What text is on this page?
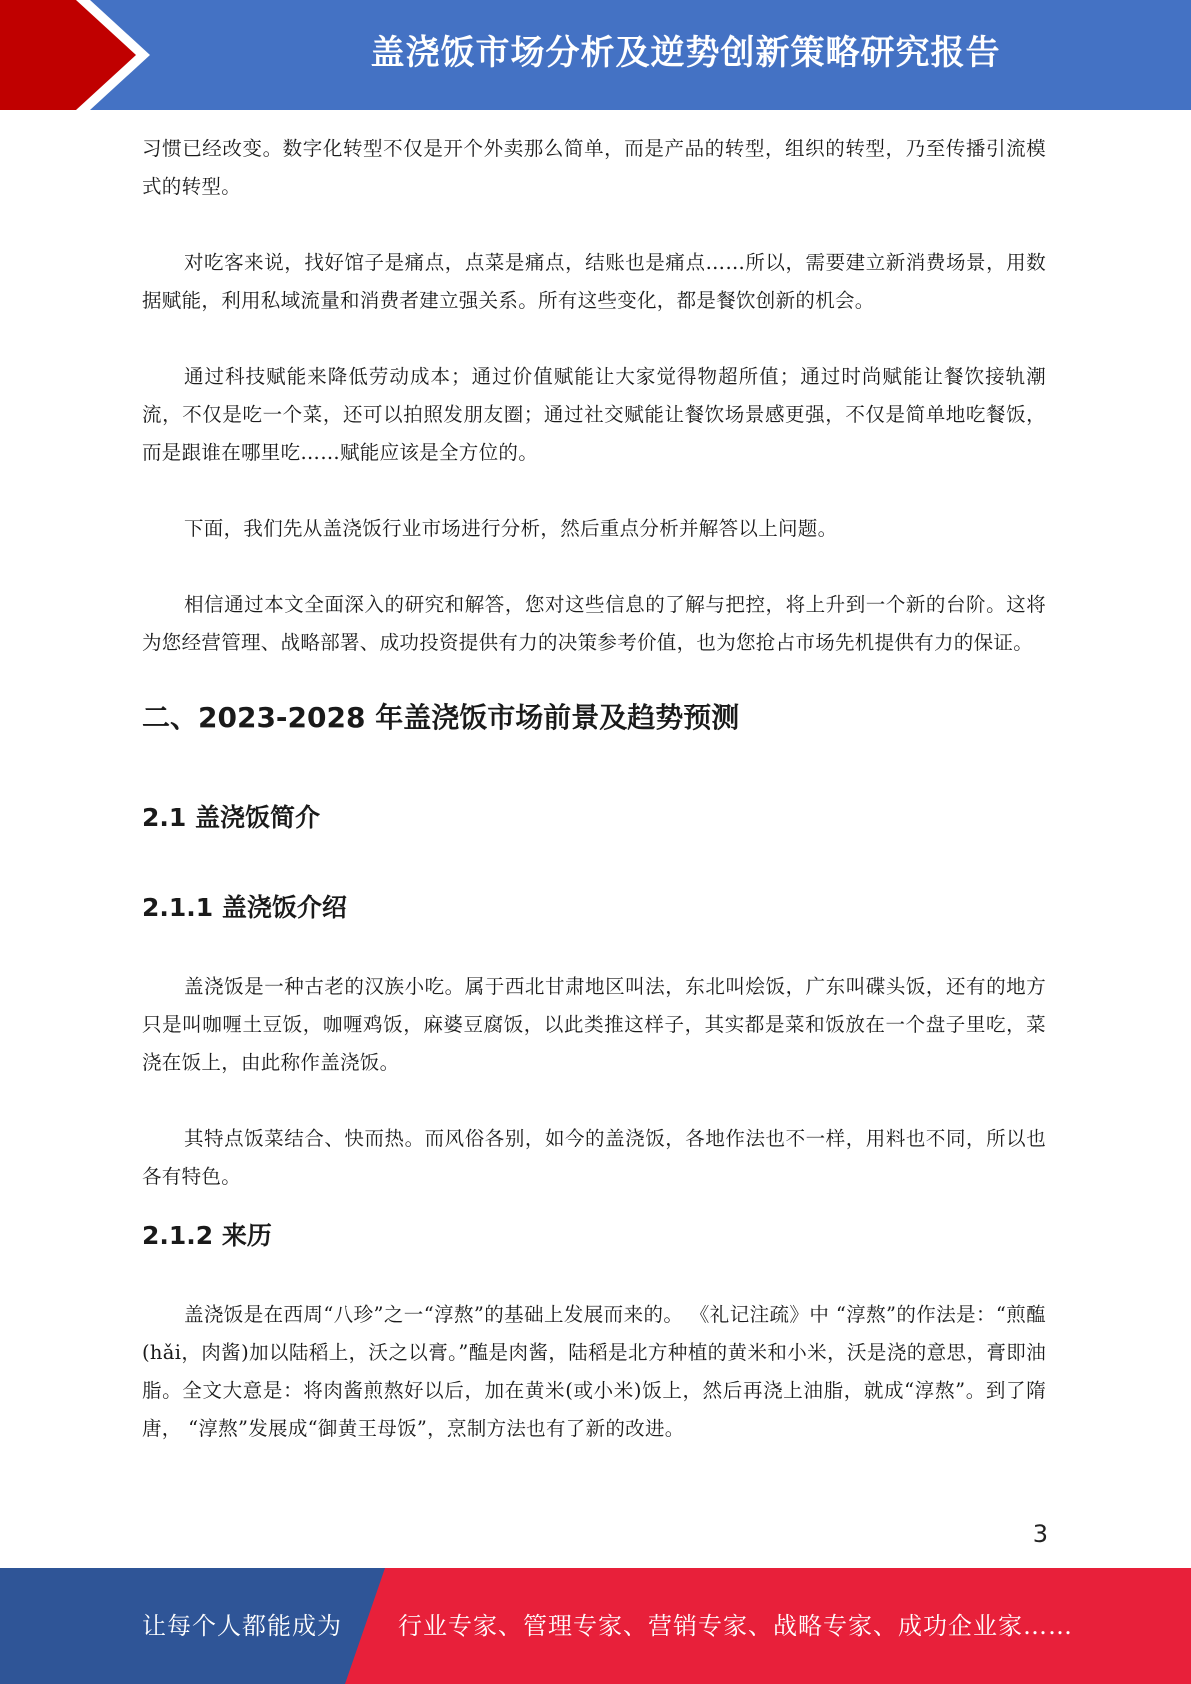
盖浇饭市场分析及逆势创新策略研究报告

习惯已经改变。数字化转型不仅是开个外卖那么简单，而是产品的转型，组织的转型，乃至传播引流模式的转型。

对吃客来说，找好馆子是痛点，点菜是痛点，结账也是痛点……所以，需要建立新消费场景，用数据赋能，利用私域流量和消费者建立强关系。所有这些变化，都是餐饮创新的机会。

通过科技赋能来降低劳动成本；通过价值赋能让大家觉得物超所值；通过时尚赋能让餐饮接轨潮流，不仅是吃一个菜，还可以拍照发朋友圈；通过社交赋能让餐饮场景感更强，不仅是简单地吃餐饭，而是跟谁在哪里吃……赋能应该是全方位的。

下面，我们先从盖浇饭行业市场进行分析，然后重点分析并解答以上问题。

相信通过本文全面深入的研究和解答，您对这些信息的了解与把控，将上升到一个新的台阶。这将为您经营管理、战略部署、成功投资提供有力的决策参考价值，也为您抢占市场先机提供有力的保证。

二、2023-2028 年盖浇饭市场前景及趋势预测
2.1 盖浇饭简介
2.1.1 盖浇饭介绍

盖浇饭是一种古老的汉族小吃。属于西北甘肃地区叫法，东北叫烩饭，广东叫碟头饭，还有的地方只是叫咖喱土豆饭，咖喱鸡饭，麻婆豆腐饭，以此类推这样子，其实都是菜和饭放在一个盘子里吃，菜浇在饭上，由此称作盖浇饭。

其特点饭菜结合、快而热。而风俗各别，如今的盖浇饭，各地作法也不一样，用料也不同，所以也各有特色。

2.1.2 来历

盖浇饭是在西周“八珍”之一“淳熬”的基础上发展而来的。 《礼记注疏》中 “淳熬”的作法是：“煎醢(hǎi，肉酱)加以陆稻上，沃之以膏。”醢是肉酱，陆稻是北方种植的黄米和小米，沃是浇的意思，膏即油脂。全文大意是：将肉酱煎熬好以后，加在黄米(或小米)饭上，然后再浇上油脂，就成“淳熬”。到了隋唐， “淳熬”发展成“御黄王母饭”，烹制方法也有了新的改进。

3
让每个人都能成为 行业专家、管理专家、营销专家、战略专家、成功企业家……
